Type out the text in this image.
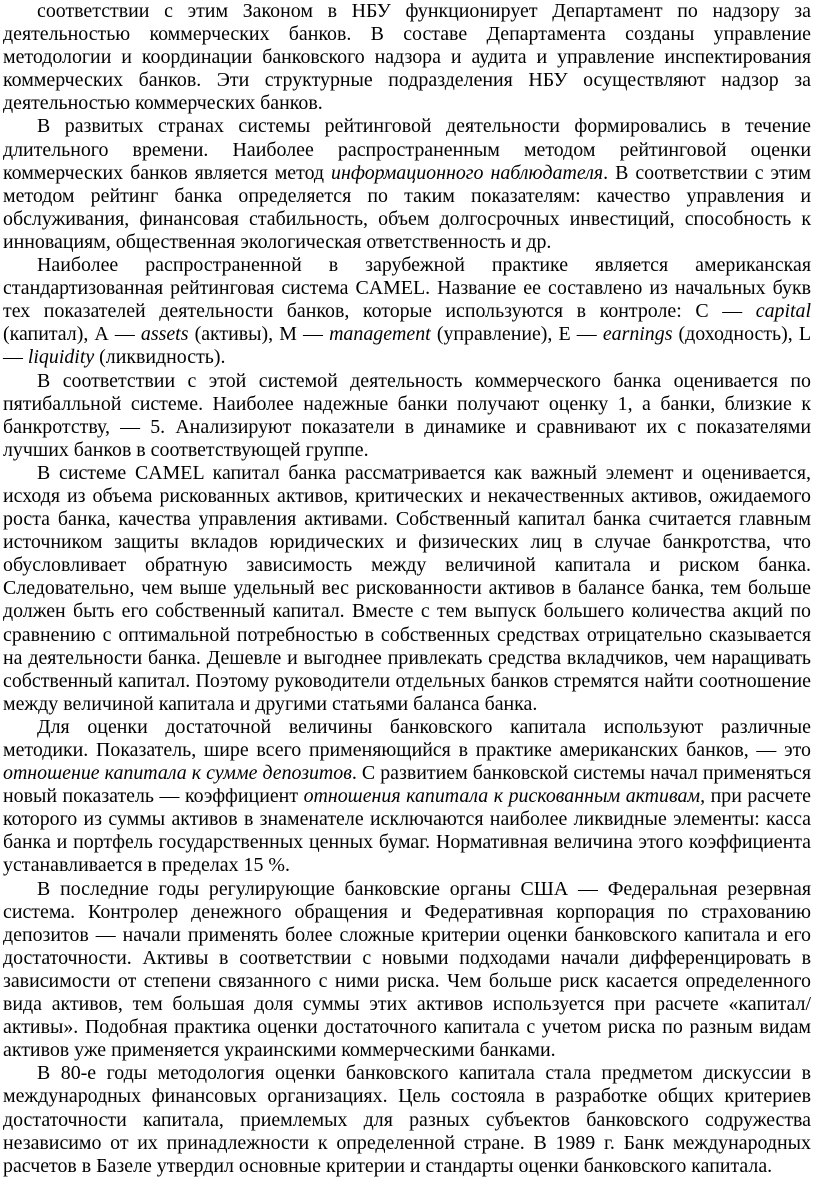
соответствии с этим Законом в НБУ функционирует Департамент по надзору за деятельностью коммерческих банков. В составе Департамента созданы управление методологии и координации банковского надзора и аудита и управление инспектирования коммерческих банков. Эти структурные подразделения НБУ осуществляют надзор за деятельностью коммерческих банков.

В развитых странах системы рейтинговой деятельности формировались в течение длительного времени. Наиболее распространенным методом рейтинговой оценки коммерческих банков является метод информационного наблюдателя. В соответствии с этим методом рейтинг банка определяется по таким показателям: качество управления и обслуживания, финансовая стабильность, объем долгосрочных инвестиций, способность к инновациям, общественная экологическая ответственность и др.

Наиболее распространенной в зарубежной практике является американская стандартизованная рейтинговая система CAMEL. Название ее составлено из начальных букв тех показателей деятельности банков, которые используются в контроле: С — capital (капитал), А — assets (активы), М — management (управление), Е — earnings (доходность), L — liquidity (ликвидность).

В соответствии с этой системой деятельность коммерческого банка оценивается по пятибалльной системе. Наиболее надежные банки получают оценку 1, а банки, близкие к банкротству, — 5. Анализируют показатели в динамике и сравнивают их с показателями лучших банков в соответствующей группе.

В системе CAMEL капитал банка рассматривается как важный элемент и оценивается, исходя из объема рискованных активов, критических и некачественных активов, ожидаемого роста банка, качества управления активами. Собственный капитал банка считается главным источником защиты вкладов юридических и физических лиц в случае банкротства, что обусловливает обратную зависимость между величиной капитала и риском банка. Следовательно, чем выше удельный вес рискованности активов в балансе банка, тем больше должен быть его собственный капитал. Вместе с тем выпуск большего количества акций по сравнению с оптимальной потребностью в собственных средствах отрицательно сказывается на деятельности банка. Дешевле и выгоднее привлекать средства вкладчиков, чем наращивать собственный капитал. Поэтому руководители отдельных банков стремятся найти соотношение между величиной капитала и другими статьями баланса банка.

Для оценки достаточной величины банковского капитала используют различные методики. Показатель, шире всего применяющийся в практике американских банков, — это отношение капитала к сумме депозитов. С развитием банковской системы начал применяться новый показатель — коэффициент отношения капитала к рискованным активам, при расчете которого из суммы активов в знаменателе исключаются наиболее ликвидные элементы: касса банка и портфель государственных ценных бумаг. Нормативная величина этого коэффициента устанавливается в пределах 15 %.

В последние годы регулирующие банковские органы США — Федеральная резервная система. Контролер денежного обращения и Федеративная корпорация по страхованию депозитов — начали применять более сложные критерии оценки банковского капитала и его достаточности. Активы в соответствии с новыми подходами начали дифференцировать в зависимости от степени связанного с ними риска. Чем больше риск касается определенного вида активов, тем большая доля суммы этих активов используется при расчете «капитал/активы». Подобная практика оценки достаточного капитала с учетом риска по разным видам активов уже применяется украинскими коммерческими банками.

В 80-е годы методология оценки банковского капитала стала предметом дискуссии в международных финансовых организациях. Цель состояла в разработке общих критериев достаточности капитала, приемлемых для разных субъектов банковского содружества независимо от их принадлежности к определенной стране. В 1989 г. Банк международных расчетов в Базеле утвердил основные критерии и стандарты оценки банковского капитала.
